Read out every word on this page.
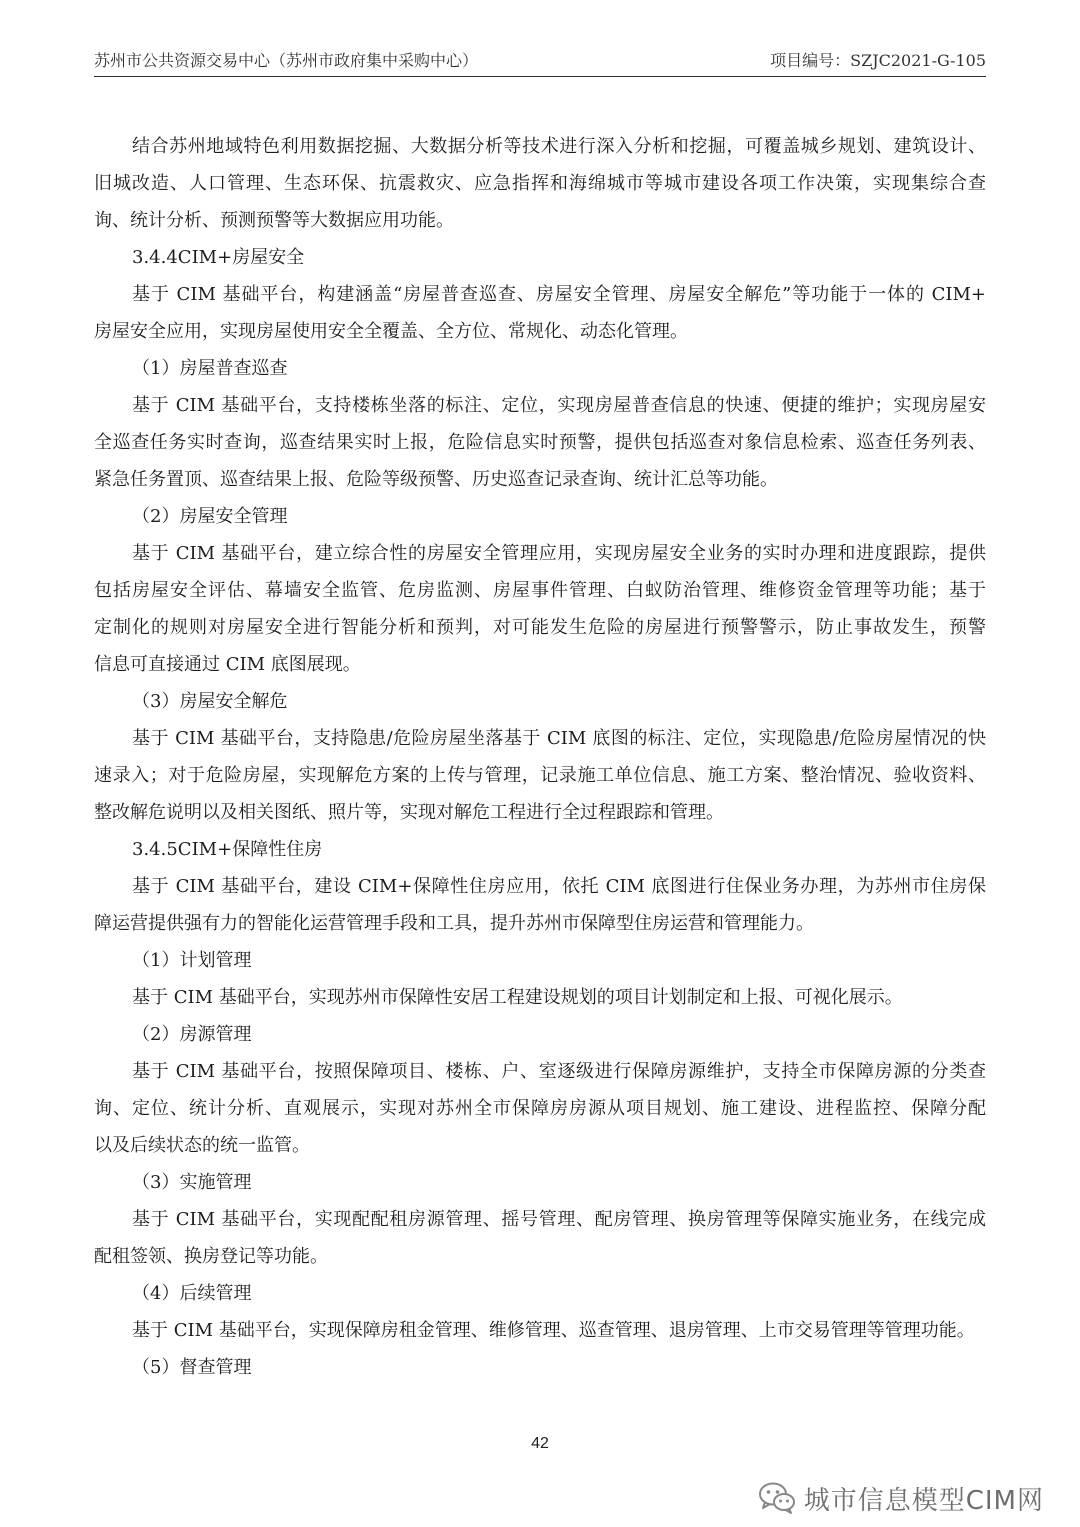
苏州市公共资源交易中心（苏州市政府集中采购中心）	项目编号：SZJC2021-G-105
结合苏州地域特色利用数据挖掘、大数据分析等技术进行深入分析和挖掘，可覆盖城乡规划、建筑设计、
旧城改造、人口管理、生态环保、抗震救灾、应急指挥和海绵城市等城市建设各项工作决策，实现集综合查
询、统计分析、预测预警等大数据应用功能。
3.4.4CIM+房屋安全
基于 CIM 基础平台，构建涵盖“房屋普查巡查、房屋安全管理、房屋安全解危”等功能于一体的 CIM+
房屋安全应用，实现房屋使用安全全覆盖、全方位、常规化、动态化管理。
（1）房屋普查巡查
基于 CIM 基础平台，支持楼栋坐落的标注、定位，实现房屋普查信息的快速、便捷的维护；实现房屋安
全巡查任务实时查询，巡查结果实时上报，危险信息实时预警，提供包括巡查对象信息检索、巡查任务列表、
紧急任务置顶、巡查结果上报、危险等级预警、历史巡查记录查询、统计汇总等功能。
（2）房屋安全管理
基于 CIM 基础平台，建立综合性的房屋安全管理应用，实现房屋安全业务的实时办理和进度跟踪，提供
包括房屋安全评估、幕墙安全监管、危房监测、房屋事件管理、白蚁防治管理、维修资金管理等功能；基于
定制化的规则对房屋安全进行智能分析和预判，对可能发生危险的房屋进行预警警示，防止事故发生，预警
信息可直接通过 CIM 底图展现。
（3）房屋安全解危
基于 CIM 基础平台，支持隐患/危险房屋坐落基于 CIM 底图的标注、定位，实现隐患/危险房屋情况的快
速录入；对于危险房屋，实现解危方案的上传与管理，记录施工单位信息、施工方案、整治情况、验收资料、
整改解危说明以及相关图纸、照片等，实现对解危工程进行全过程跟踪和管理。
3.4.5CIM+保障性住房
基于 CIM 基础平台，建设 CIM+保障性住房应用，依托 CIM 底图进行住保业务办理，为苏州市住房保
障运营提供强有力的智能化运营管理手段和工具，提升苏州市保障型住房运营和管理能力。
（1）计划管理
基于 CIM 基础平台，实现苏州市保障性安居工程建设规划的项目计划制定和上报、可视化展示。
（2）房源管理
基于 CIM 基础平台，按照保障项目、楼栋、户、室逐级进行保障房源维护，支持全市保障房源的分类查
询、定位、统计分析、直观展示，实现对苏州全市保障房房源从项目规划、施工建设、进程监控、保障分配
以及后续状态的统一监管。
（3）实施管理
基于 CIM 基础平台，实现配配租房源管理、摇号管理、配房管理、换房管理等保障实施业务，在线完成
配租签领、换房登记等功能。
（4）后续管理
基于 CIM 基础平台，实现保障房租金管理、维修管理、巡查管理、退房管理、上市交易管理等管理功能。
（5）督查管理
42
城市信息模型CIM网
